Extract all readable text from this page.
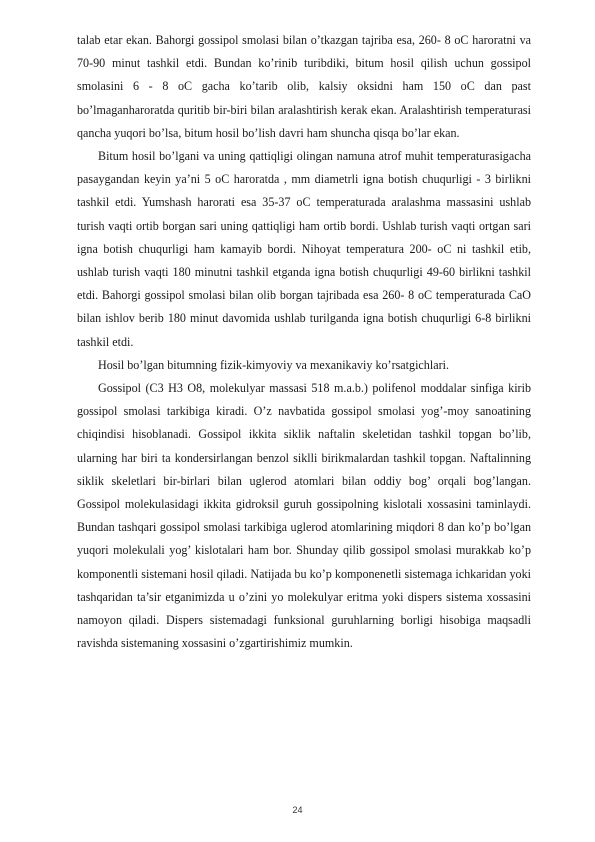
talab etar ekan. Bahorgi gossipol smolasi bilan o’tkazgan tajriba esa, 260- 8 oC haroratni va 70-90 minut tashkil etdi. Bundan ko’rinib turibdiki, bitum hosil qilish uchun gossipol smolasini 6 - 8 oC gacha ko’tarib olib, kalsiy oksidni ham 150 oC dan past bo’lmaganharoratda quritib bir-biri bilan aralashtirish kerak ekan. Aralashtirish temperaturasi qancha yuqori bo’lsa, bitum hosil bo’lish davri ham shuncha qisqa bo’lar ekan.

Bitum hosil bo’lgani va uning qattiqligi olingan namuna atrof muhit temperaturasigacha pasaygandan keyin ya’ni 5 oC haroratda , mm diametrli igna botish chuqurligi - 3 birlikni tashkil etdi. Yumshash harorati esa 35-37 oC temperaturada aralashma massasini ushlab turish vaqti ortib borgan sari uning qattiqligi ham ortib bordi. Ushlab turish vaqti ortgan sari igna botish chuqurligi ham kamayib bordi. Nihoyat temperatura 200- oC ni tashkil etib, ushlab turish vaqti 180 minutni tashkil etganda igna botish chuqurligi 49-60 birlikni tashkil etdi. Bahorgi gossipol smolasi bilan olib borgan tajribada esa 260- 8 oC temperaturada CaO bilan ishlov berib 180 minut davomida ushlab turilganda igna botish chuqurligi 6-8 birlikni tashkil etdi.

Hosil bo’lgan bitumning fizik-kimyoviy va mexanikaviy ko’rsatgichlari.

Gossipol (C3 H3 O8, molekulyar massasi 518 m.a.b.) polifenol moddalar sinfiga kirib gossipol smolasi tarkibiga kiradi. O’z navbatida gossipol smolasi yog’-moy sanoatining chiqindisi hisoblanadi. Gossipol ikkita siklik naftalin skeletidan tashkil topgan bo’lib, ularning har biri ta kondersirlangan benzol siklli birikmalardan tashkil topgan. Naftalinning siklik skeletlari bir-birlari bilan uglerod atomlari bilan oddiy bog’ orqali bog’langan. Gossipol molekulasidagi ikkita gidroksil guruh gossipolning kislotali xossasini taminlaydi. Bundan tashqari gossipol smolasi tarkibiga uglerod atomlarining miqdori 8 dan ko’p bo’lgan yuqori molekulali yog’ kislotalari ham bor. Shunday qilib gossipol smolasi murakkab ko’p komponentli sistemani hosil qiladi. Natijada bu ko’p komponenetli sistemaga ichkaridan yoki tashqaridan ta’sir etganimizda u o’zini yo molekulyar eritma yoki dispers sistema xossasini namoyon qiladi. Dispers sistemadagi funksional guruhlarning borligi hisobiga maqsadli ravishda sistemaning xossasini o’zgartirishimiz mumkin.

24
